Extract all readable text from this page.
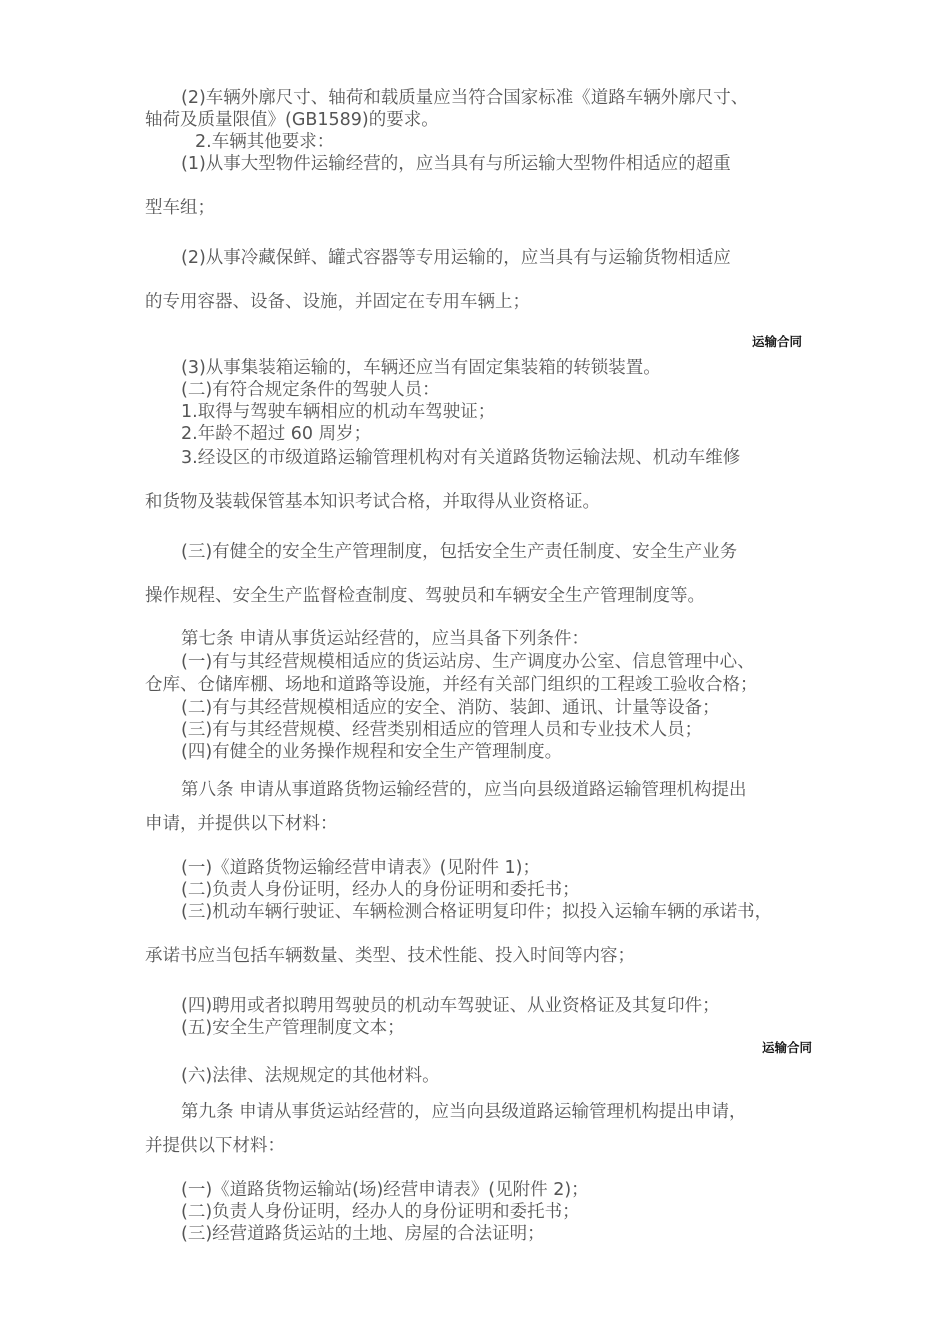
(2)车辆外廓尺寸、轴荷和载质量应当符合国家标准《道路车辆外廓尺寸、

轴荷及质量限值》(GB1589)的要求。

2.车辆其他要求：

(1)从事大型物件运输经营的，应当具有与所运输大型物件相适应的超重

型车组；

(2)从事冷藏保鲜、罐式容器等专用运输的，应当具有与运输货物相适应

的专用容器、设备、设施，并固定在专用车辆上；

运输合同

(3)从事集装箱运输的，车辆还应当有固定集装箱的转锁装置。

(二)有符合规定条件的驾驶人员：

1.取得与驾驶车辆相应的机动车驾驶证；

2.年龄不超过 60 周岁；

3.经设区的市级道路运输管理机构对有关道路货物运输法规、机动车维修

和货物及装载保管基本知识考试合格，并取得从业资格证。

(三)有健全的安全生产管理制度，包括安全生产责任制度、安全生产业务

操作规程、安全生产监督检查制度、驾驶员和车辆安全生产管理制度等。

第七条 申请从事货运站经营的，应当具备下列条件：

(一)有与其经营规模相适应的货运站房、生产调度办公室、信息管理中心、

仓库、仓储库棚、场地和道路等设施，并经有关部门组织的工程竣工验收合格；

(二)有与其经营规模相适应的安全、消防、装卸、通讯、计量等设备；

(三)有与其经营规模、经营类别相适应的管理人员和专业技术人员；

(四)有健全的业务操作规程和安全生产管理制度。

第八条 申请从事道路货物运输经营的，应当向县级道路运输管理机构提出

申请，并提供以下材料：

(一)《道路货物运输经营申请表》(见附件 1)；

(二)负责人身份证明，经办人的身份证明和委托书；

(三)机动车辆行驶证、车辆检测合格证明复印件；拟投入运输车辆的承诺书，

承诺书应当包括车辆数量、类型、技术性能、投入时间等内容；

(四)聘用或者拟聘用驾驶员的机动车驾驶证、从业资格证及其复印件；

(五)安全生产管理制度文本；

运输合同

(六)法律、法规规定的其他材料。

第九条 申请从事货运站经营的，应当向县级道路运输管理机构提出申请，

并提供以下材料：

(一)《道路货物运输站(场)经营申请表》(见附件 2)；

(二)负责人身份证明，经办人的身份证明和委托书；

(三)经营道路货运站的土地、房屋的合法证明；
